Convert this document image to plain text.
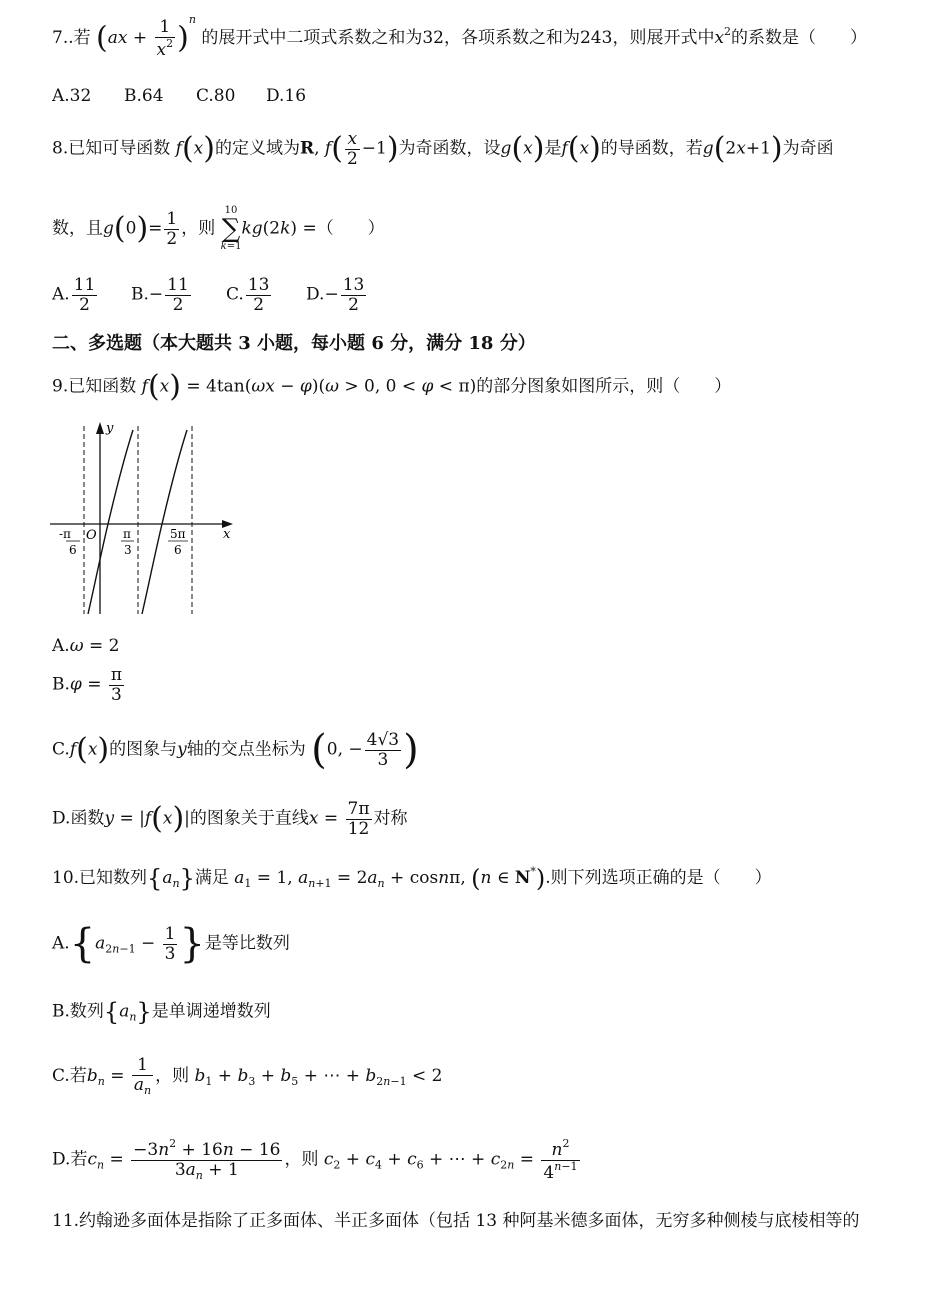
7..若 $(ax + \frac{1}{x^2} )^n$ 的展开式中二项式系数之和为32，各项系数之和为243，则展开式中$x^2$的系数是（　　）
A.32 B.64 C.80 D.16
8.已知可导函数 f(x)的定义域为R, $f( \frac{x}{2} -1)$为奇函数，设g(x)是f(x)的导函数，若g(2x+1)为奇函
数，且$g(0)= \frac{1}{2}$ ，则
10
∑
k=1
kg(2k) =（　　）
A. $\frac{11}{2} B.- \frac{11}{2} C$. $\frac{13}{2} D.- \frac{13}{2}$
二、多选题（本大题共 3 小题，每小题 6 分，满分 18 分）
9.已知函数 f(x) = 4tan(ωx − φ)(ω > 0, 0 < φ < π)的部分图象如图所示，则（　　）
y
x
O
-π
6
π
3
5π
6
A.ω = 2
$B.\varphi = \frac{\pi}{3}$
C.f(x)的图象与y轴的交点坐标为 (0, − $\frac{4√3}{3}$ )
D.函数y = |f(x)|的图象关于直线$x = \frac{7\pi}{12}$ 对称
10.已知数列$\{a_n\}$满足 $a_1 = 1$, $a_{n+1} = 2a_n + \cos n\pi$, (n ∈ N*).则下列选项正确的是（　　）
$A.\{a_{2n-1} - \frac{1}{3}$ }是等比数列
B.数列$\{a_n\}$是单调递增数列
C.若$b_n = \frac{1}{a_n}$ ，则 $b_1 + b_3 + b_5$ + ⋯ + $b_{2n-1} < 2$
D.若$c_n = \frac{-3n^2 + 16n - 16}{3a_n + 1}$ ，则 $c_2 + c_4 + c_6$ + ⋯ + $c_{2n} = \frac{n^2}{4^{n-1}}$
11.约翰逊多面体是指除了正多面体、半正多面体（包括 13 种阿基米德多面体，无穷多种侧棱与底棱相等的
